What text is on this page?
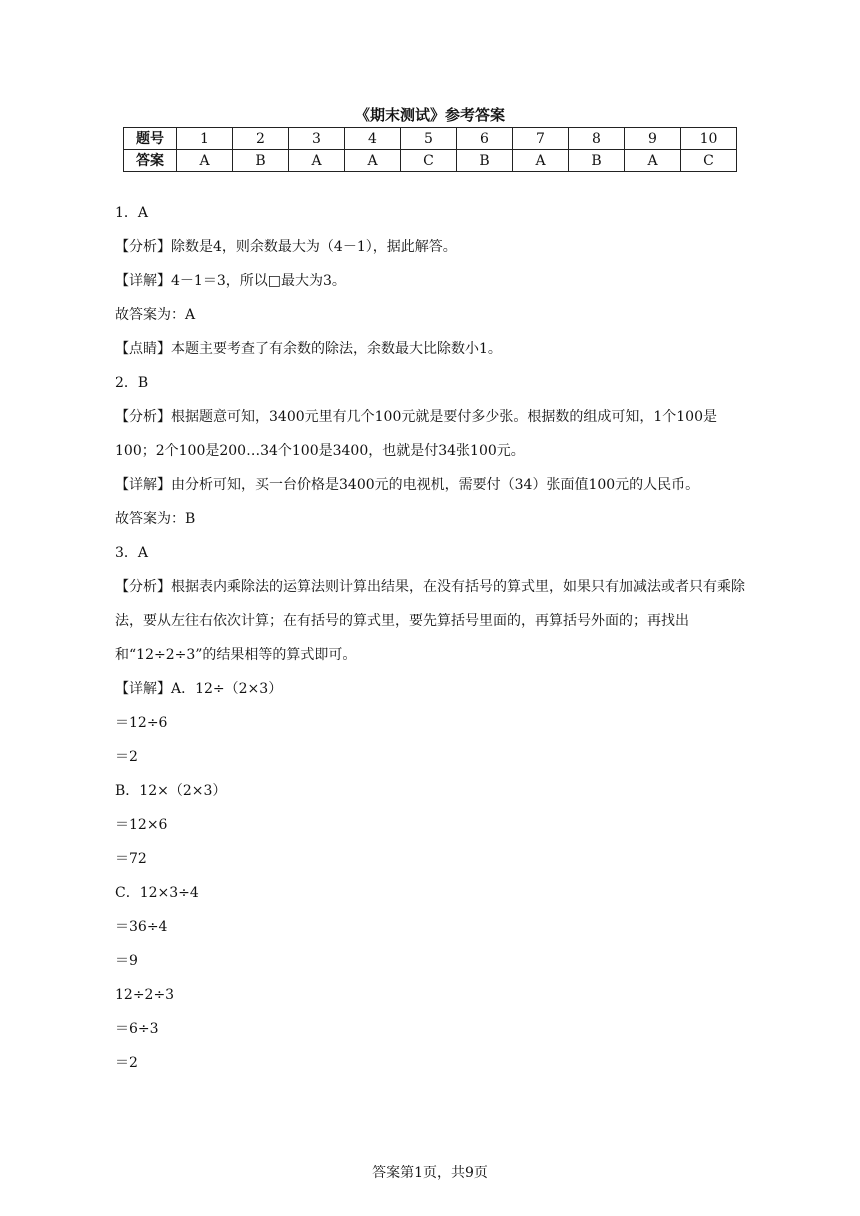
《期末测试》参考答案
题号	1	2	3	4	5	6	7	8	9	10
答案	A	B	A	A	C	B	A	B	A	C
1．A
【分析】除数是4，则余数最大为（4－1），据此解答。
【详解】4－1＝3，所以□最大为3。
故答案为：A
【点睛】本题主要考查了有余数的除法，余数最大比除数小1。
2．B
【分析】根据题意可知，3400元里有几个100元就是要付多少张。根据数的组成可知，1个100是100；2个100是200…34个100是3400，也就是付34张100元。
【详解】由分析可知，买一台价格是3400元的电视机，需要付（34）张面值100元的人民币。
故答案为：B
3．A
【分析】根据表内乘除法的运算法则计算出结果，在没有括号的算式里，如果只有加减法或者只有乘除法，要从左往右依次计算；在有括号的算式里，要先算括号里面的，再算括号外面的；再找出和“12÷2÷3”的结果相等的算式即可。
【详解】A．12÷（2×3）
＝12÷6
＝2
B．12×（2×3）
＝12×6
＝72
C．12×3÷4
＝36÷4
＝9
12÷2÷3
＝6÷3
＝2
答案第1页，共9页
